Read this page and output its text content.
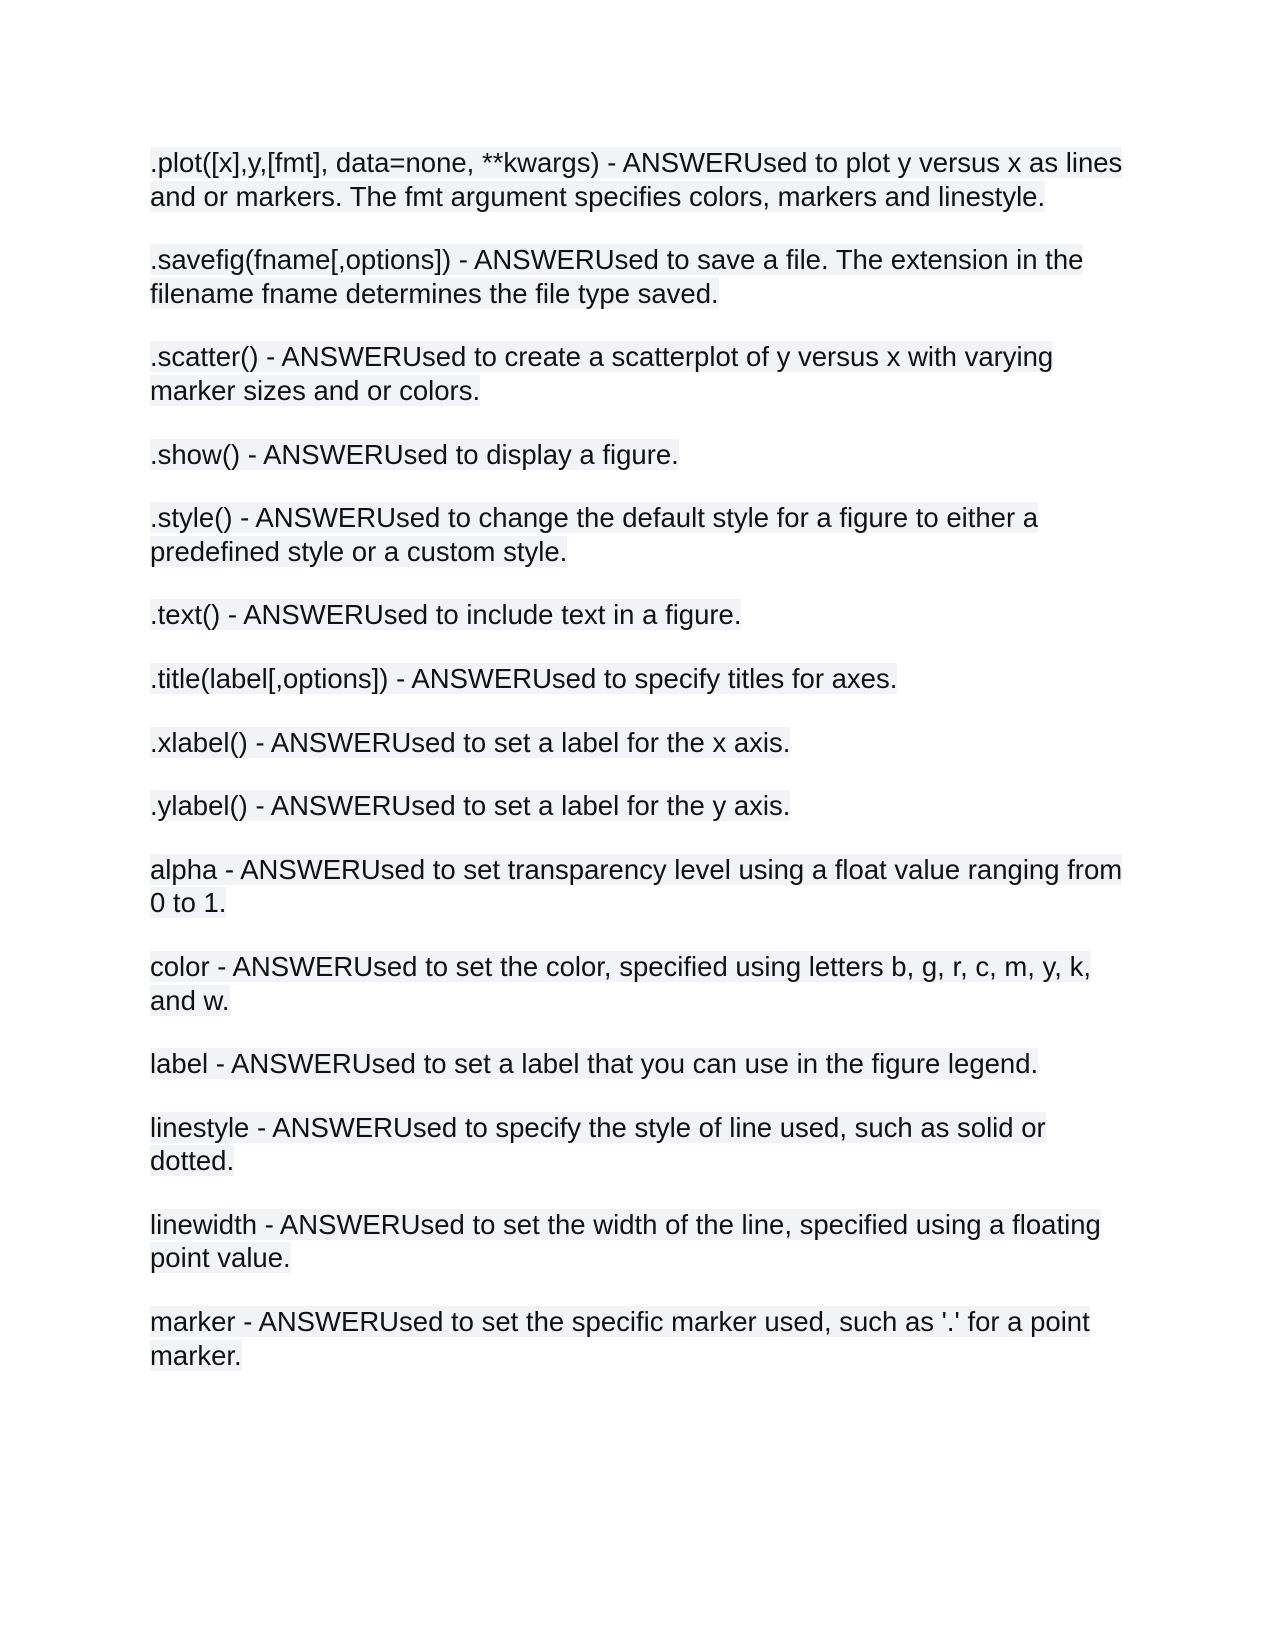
.plot([x],y,[fmt], data=none, **kwargs) - ANSWERUsed to plot y versus x as lines and or markers. The fmt argument specifies colors, markers and linestyle.

.savefig(fname[,options]) - ANSWERUsed to save a file. The extension in the filename fname determines the file type saved.

.scatter() - ANSWERUsed to create a scatterplot of y versus x with varying marker sizes and or colors.

.show() - ANSWERUsed to display a figure.

.style() - ANSWERUsed to change the default style for a figure to either a predefined style or a custom style.

.text() - ANSWERUsed to include text in a figure.

.title(label[,options]) - ANSWERUsed to specify titles for axes.

.xlabel() - ANSWERUsed to set a label for the x axis.

.ylabel() - ANSWERUsed to set a label for the y axis.

alpha - ANSWERUsed to set transparency level using a float value ranging from 0 to 1.

color - ANSWERUsed to set the color, specified using letters b, g, r, c, m, y, k, and w.

label - ANSWERUsed to set a label that you can use in the figure legend.

linestyle - ANSWERUsed to specify the style of line used, such as solid or dotted.

linewidth - ANSWERUsed to set the width of the line, specified using a floating point value.

marker - ANSWERUsed to set the specific marker used, such as '.' for a point marker.
